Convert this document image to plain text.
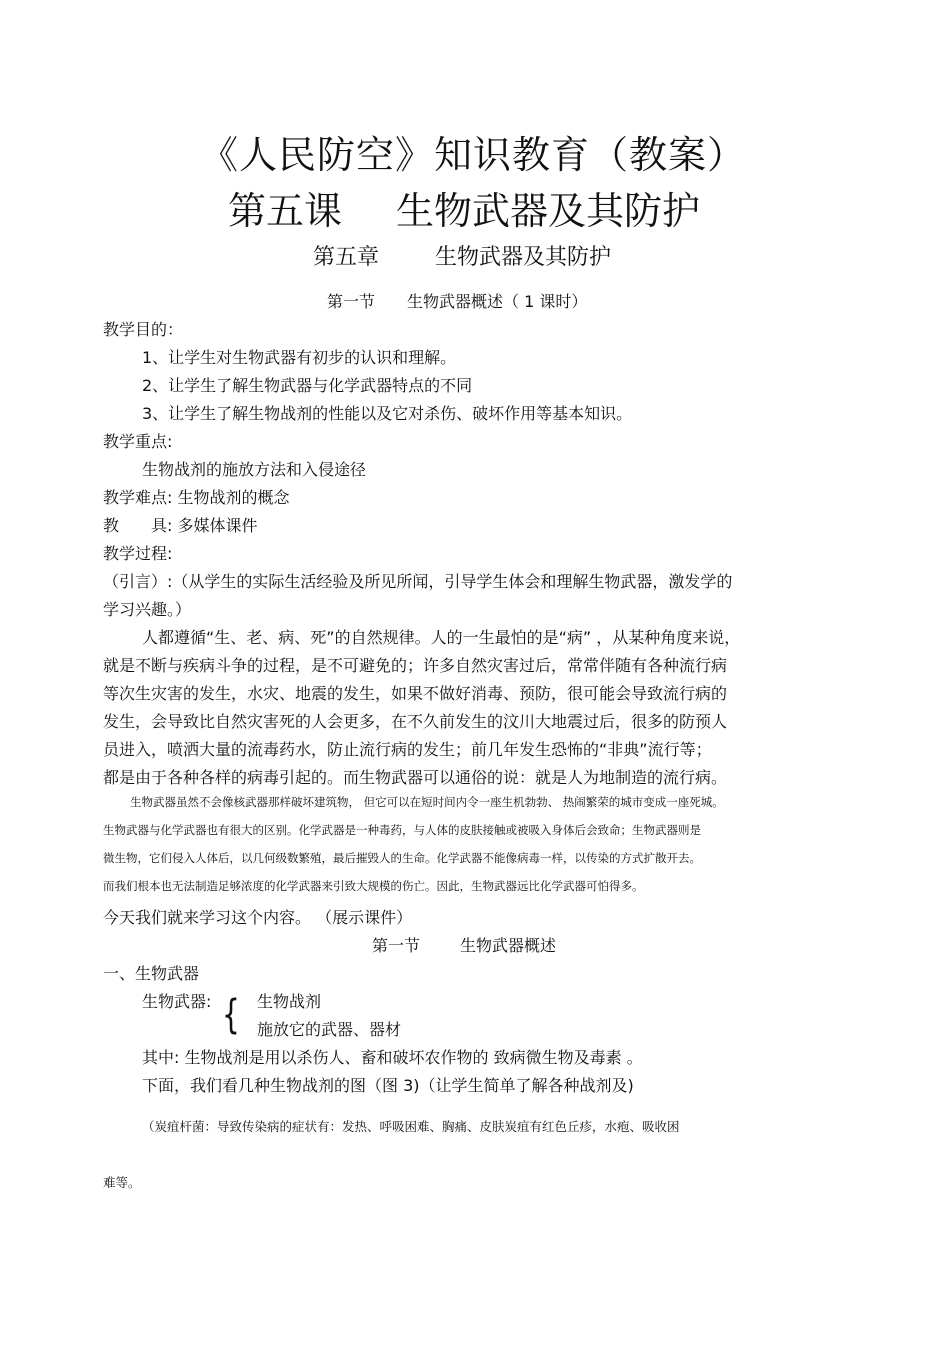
《人民防空》知识教育（教案）
第五课 生物武器及其防护
第五章	生物武器及其防护
第一节 生物武器概述（ 1 课时）
教学目的：
1、让学生对生物武器有初步的认识和理解。
2、让学生了解生物武器与化学武器特点的不同
3、让学生了解生物战剂的性能以及它对杀伤、破坏作用等基本知识。
教学重点:
生物战剂的施放方法和入侵途径
教学难点: 生物战剂的概念
教 具: 多媒体课件
教学过程:
（引言）:（从学生的实际生活经验及所见所闻，引导学生体会和理解生物武器，激发学的
学习兴趣。）
人都遵循“生、老、病、死”的自然规律。人的一生最怕的是“病” ，从某种角度来说，
就是不断与疾病斗争的过程，是不可避免的；许多自然灾害过后，常常伴随有各种流行病
等次生灾害的发生，水灾、地震的发生，如果不做好消毒、预防，很可能会导致流行病的
发生，会导致比自然灾害死的人会更多，在不久前发生的汶川大地震过后，很多的防预人
员进入，喷洒大量的流毒药水，防止流行病的发生；前几年发生恐怖的“非典”流行等；
都是由于各种各样的病毒引起的。而生物武器可以通俗的说：就是人为地制造的流行病。
生物武器虽然不会像核武器那样破坏建筑物， 但它可以在短时间内令一座生机勃勃、 热闹繁荣的城市变成一座死城。
生物武器与化学武器也有很大的区别。化学武器是一种毒药，与人体的皮肤接触或被吸入身体后会致命；生物武器则是
微生物，它们侵入人体后，以几何级数繁殖，最后摧毁人的生命。化学武器不能像病毒一样，以传染的方式扩散开去。
而我们根本也无法制造足够浓度的化学武器来引致大规模的伤亡。因此，生物武器远比化学武器可怕得多。
今天我们就来学习这个内容。 （展示课件）
第一节	生物武器概述
一、生物武器
生物武器: { 生物战剂
施放它的武器、器材
其中: 生物战剂是用以杀伤人、畜和破坏农作物的 致病微生物及毒素 。
下面，我们看几种生物战剂的图（图 3)（让学生简单了解各种战剂及)
（炭疽杆菌：导致传染病的症状有：发热、呼吸困难、胸痛、皮肤炭疽有红色丘疹，水疱、吸收困
难等。
